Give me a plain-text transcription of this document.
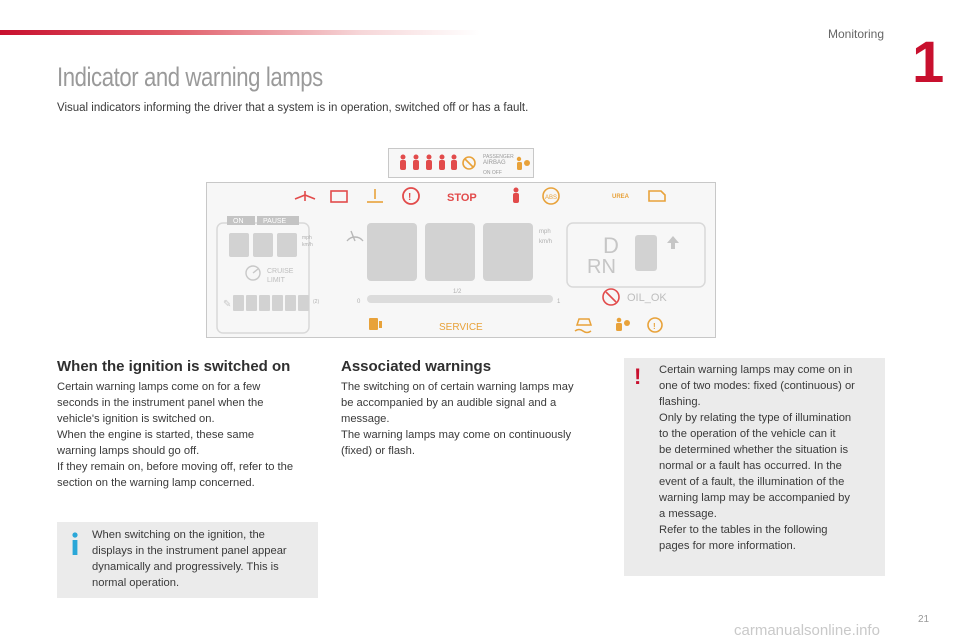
Monitoring 1
Indicator and warning lamps
Visual indicators informing the driver that a system is in operation, switched off or has a fault.
PASSENGER
AIRBAG
ON OFF
!	STOP	ABS	UREA
ON	PAUSE
mph
km/h
CRUISE
LIMIT
✎	(2)
mph
km/h
0
1/2
1
D
RN
OIL_OK
SERVICE	!
When the ignition is switched on

Certain warning lamps come on for a few

seconds in the instrument panel when the

vehicle's ignition is switched on.

When the engine is started, these same

warning lamps should go off.

If they remain on, before moving off, refer to the

section on the warning lamp concerned.

When switching on the ignition, the

displays in the instrument panel appear

dynamically and progressively. This is

normal operation.

Associated warnings

The switching on of certain warning lamps may

be accompanied by an audible signal and a

message.

The warning lamps may come on continuously

(fixed) or flash.

!	Certain warning lamps may come on in

one of two modes: fixed (continuous) or

flashing.

Only by relating the type of illumination

to the operation of the vehicle can it

be determined whether the situation is

normal or a fault has occurred. In the

event of a fault, the illumination of the

warning lamp may be accompanied by

a message.

Refer to the tables in the following

pages for more information.

21
carmanualsonline.info
